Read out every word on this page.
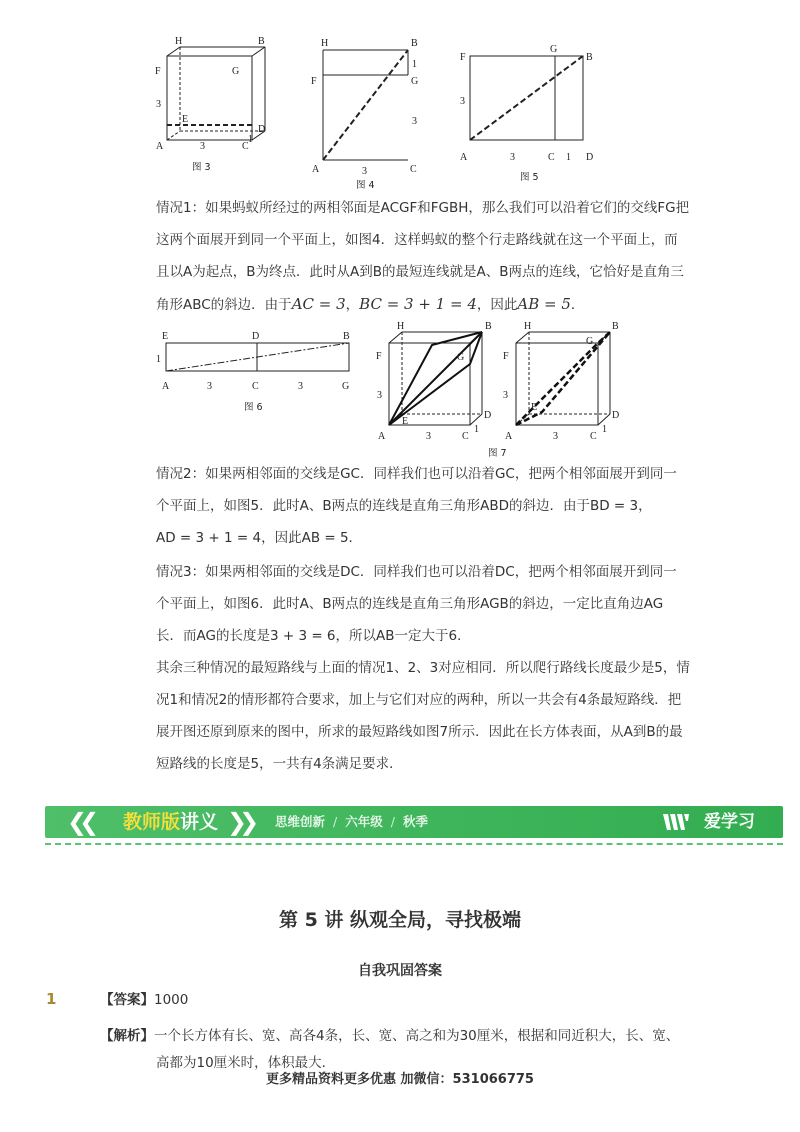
H	B
F	G
E
D
A	C
3
3
1
图 3
H	B
F	G
1
3
A	C
3
图 4
F
G
B
A	C	D
3
3	1
图 5
情况1：如果蚂蚁所经过的两相邻面是ACGF和FGBH，那么我们可以沿着它们的交线FG把
这两个面展开到同一个平面上，如图4．这样蚂蚁的整个行走路线就在这一个平面上，而
且以A为起点，B为终点．此时从A到B的最短连线就是A、B两点的连线，它恰好是直角三
角形ABC的斜边．由于AC = 3，BC = 3 + 1 = 4，因此AB = 5．
E	D	B
1
A	3	C	3	G
图 6
H	B
F	G
E
D
A	C
3
3
1
H	B
F
G
E
D
A	C
3
3
1
图 7
情况2：如果两相邻面的交线是GC．同样我们也可以沿着GC，把两个相邻面展开到同一
个平面上，如图5．此时A、B两点的连线是直角三角形ABD的斜边．由于BD = 3，
AD = 3 + 1 = 4，因此AB = 5．
情况3：如果两相邻面的交线是DC．同样我们也可以沿着DC，把两个相邻面展开到同一
个平面上，如图6．此时A、B两点的连线是直角三角形AGB的斜边，一定比直角边AG
长．而AG的长度是3 + 3 = 6，所以AB一定大于6．
其余三种情况的最短路线与上面的情况1、2、3对应相同．所以爬行路线长度最少是5，情
况1和情况2的情形都符合要求，加上与它们对应的两种，所以一共会有4条最短路线．把
展开图还原到原来的图中，所求的最短路线如图7所示．因此在长方体表面，从A到B的最
短路线的长度是5，一共有4条满足要求．
❮❮	❯❯
教师版讲义	思维创新 / 六年级 / 秋季	爱学习
第 5 讲 纵观全局，寻找极端
自我巩固答案
1	【答案】1000
【解析】一个长方体有长、宽、高各4条，长、宽、高之和为30厘米，根据和同近积大，长、宽、
高都为10厘米时，体积最大．
更多精品资料更多优惠 加微信：531066775
